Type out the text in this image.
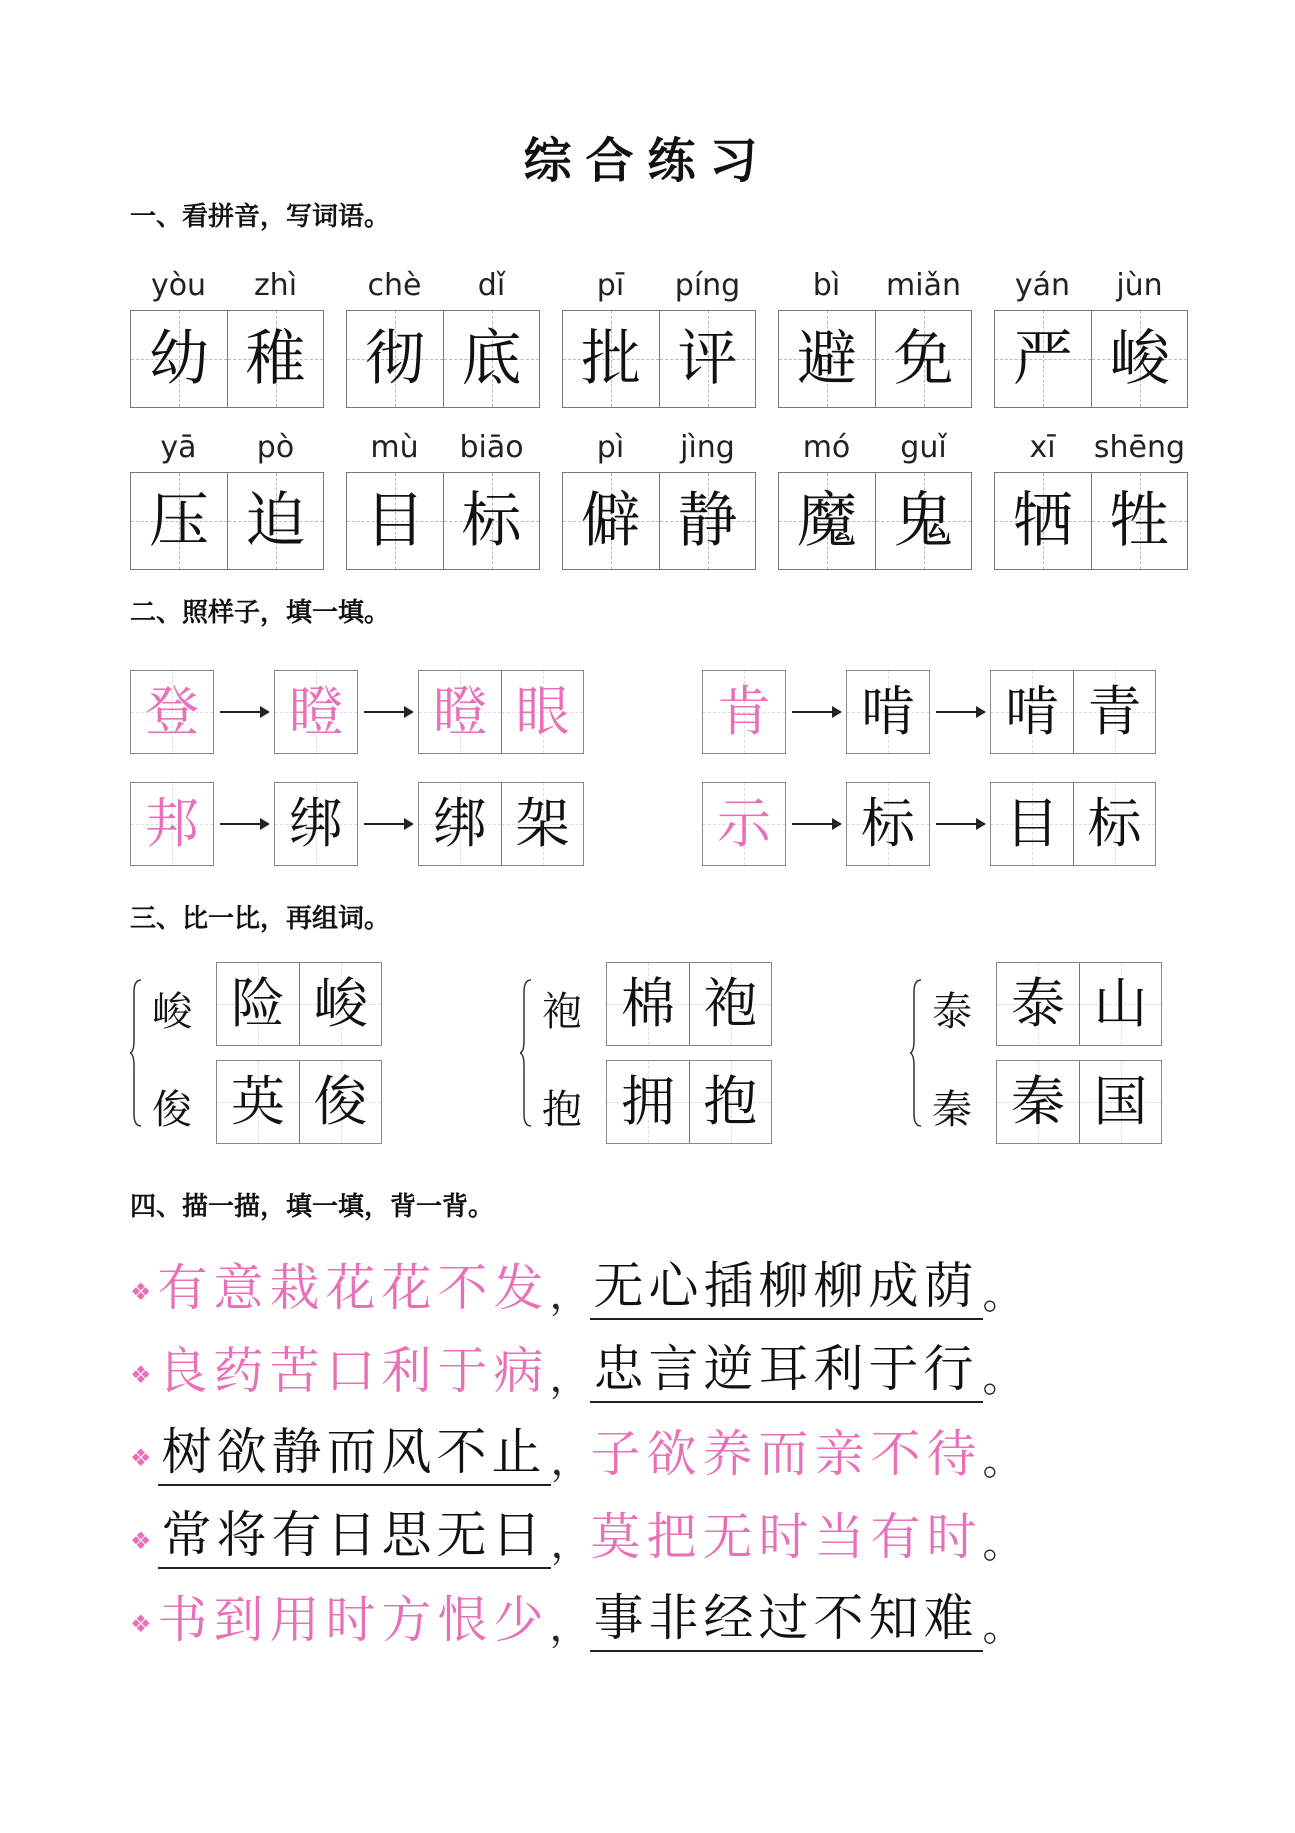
综合练习
一、看拼音，写词语。
yòu	zhì
幼 稚
chè	dǐ
彻 底
pī	píng
批 评
bì	miǎn
避 免
yán	jùn
严 峻
yā	pò
压 迫
mù	biāo
目 标
pì	jìng
僻 静
mó	guǐ
魔 鬼
xī	shēng
牺 牲
二、照样子，填一填。
登 瞪 瞪 眼	肯 啃 啃 青
邦 绑 绑 架	示 标 目 标
三、比一比，再组词。
峻 险 峻
俊 英 俊
袍 棉 袍
抱 拥 抱
泰 泰 山
秦 秦 国
四、描一描，填一填，背一背。
❖ 有意栽花花不发 ， 无心插柳柳成荫 。
❖ 良药苦口利于病 ， 忠言逆耳利于行 。
❖ 树欲静而风不止 ， 子欲养而亲不待 。
❖ 常将有日思无日 ， 莫把无时当有时 。
❖ 书到用时方恨少 ， 事非经过不知难 。
